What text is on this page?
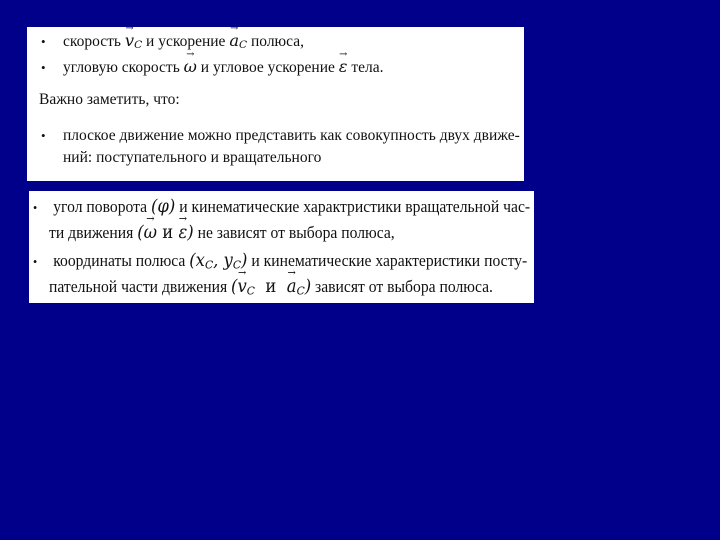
• скорость → $v_C$ и ускорение → $a_C$ полюса,
• угловую скорость → ω и угловое ускорение → ε тела.
Важно заметить, что:
• плоское движение можно представить как совокупность двух движе-
ний: поступательного и вращательного
• угол поворота (φ) и кинематические характристики вращательной час-
ти движения (→ ω и → ε) не зависят от выбора полюса,
• координаты полюса ($x_C$, $y_C$) и кинематические характеристики посту-
пательной части движения (→ $v_C$ $и \to a_C$) зависят от выбора полюса.
